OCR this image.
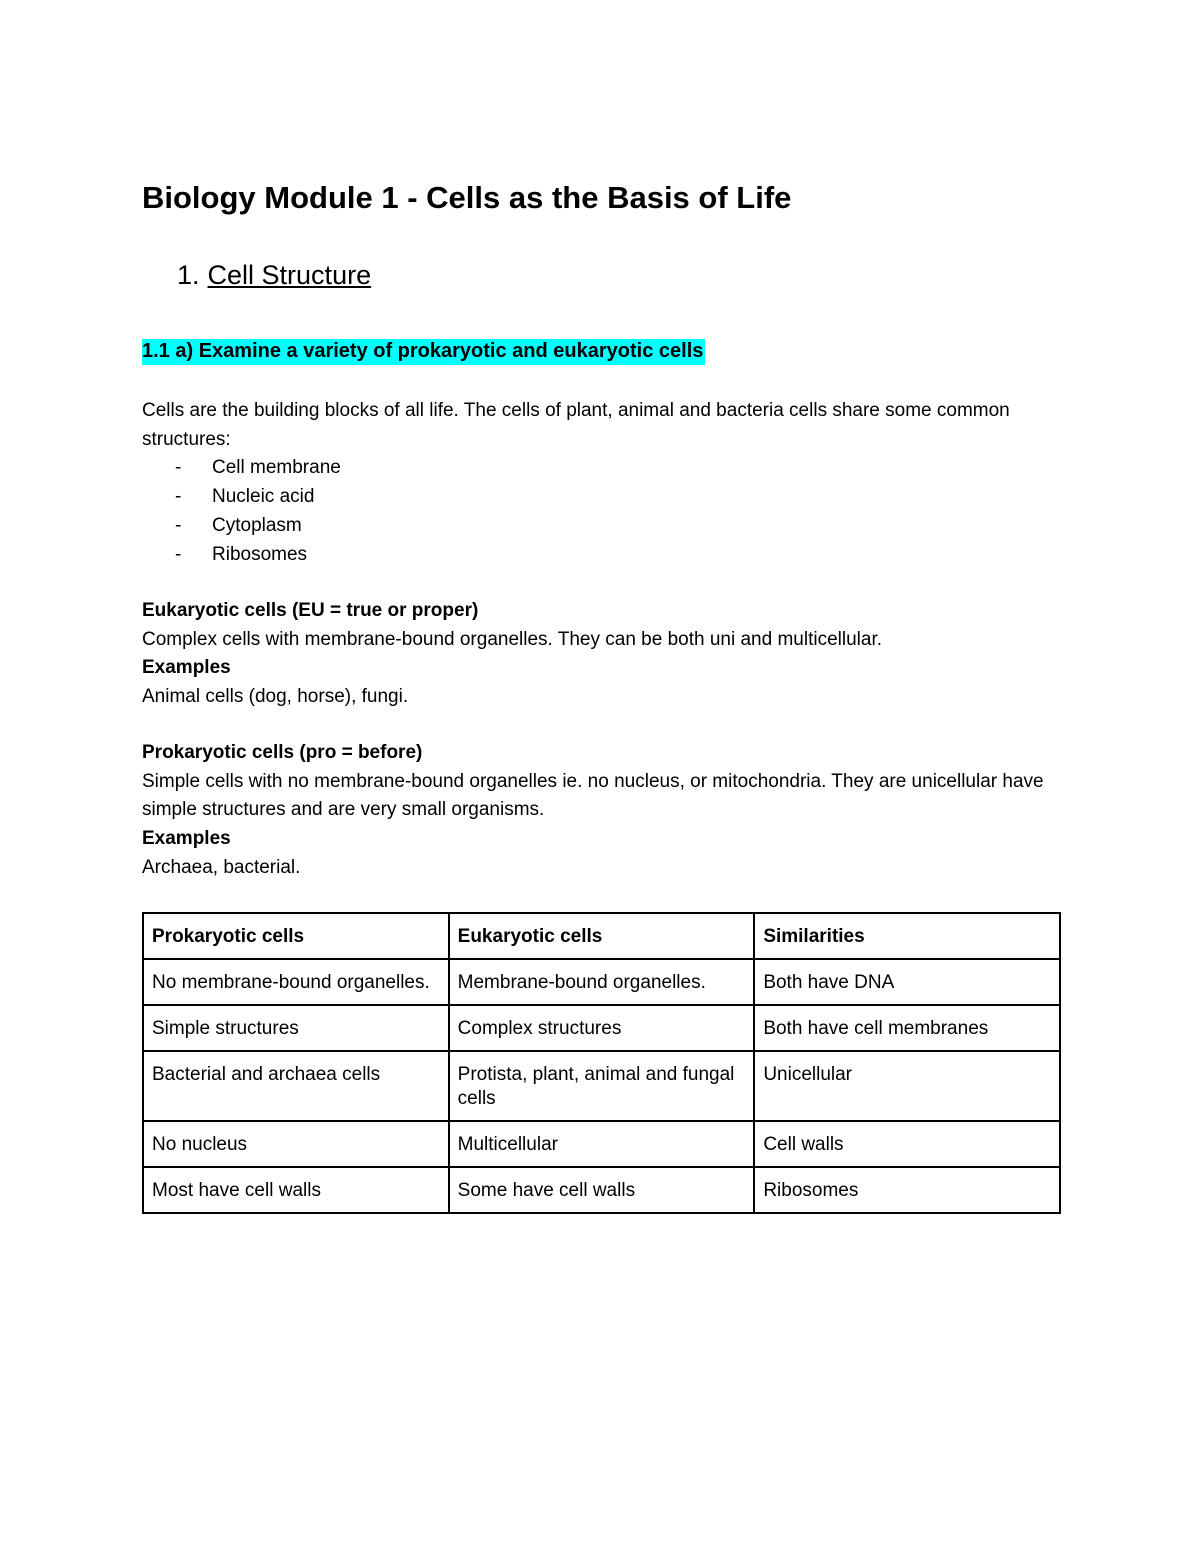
Biology Module 1 - Cells as the Basis of Life
1. Cell Structure
1.1 a) Examine a variety of prokaryotic and eukaryotic cells

Cells are the building blocks of all life. The cells of plant, animal and bacteria cells share some common structures:

- Cell membrane
- Nucleic acid
- Cytoplasm
- Ribosomes

Eukaryotic cells (EU = true or proper)

Complex cells with membrane-bound organelles. They can be both uni and multicellular.

Examples

Animal cells (dog, horse), fungi.

Prokaryotic cells (pro = before)

Simple cells with no membrane-bound organelles ie. no nucleus, or mitochondria. They are unicellular have simple structures and are very small organisms.

Examples

Archaea, bacterial.

Prokaryotic cells	Eukaryotic cells	Similarities
No membrane-bound organelles.	Membrane-bound organelles.	Both have DNA
Simple structures	Complex structures	Both have cell membranes
Bacterial and archaea cells	Protista, plant, animal and fungal cells	Unicellular
No nucleus	Multicellular	Cell walls
Most have cell walls	Some have cell walls	Ribosomes
